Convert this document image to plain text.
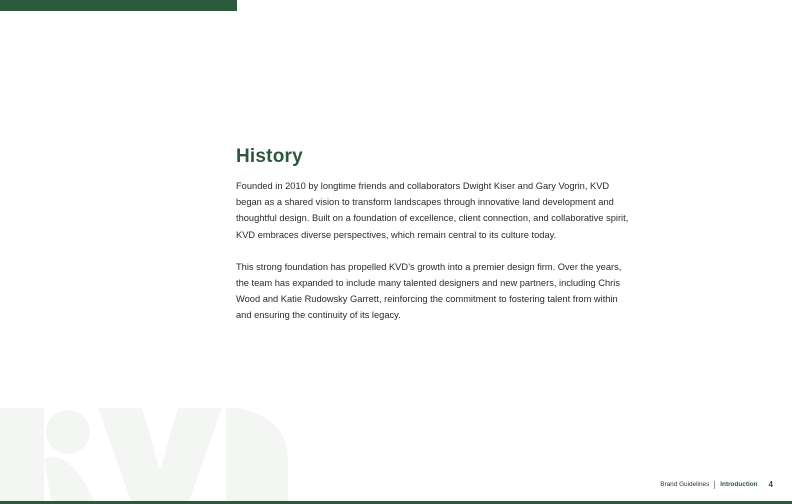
History

Founded in 2010 by longtime friends and collaborators Dwight Kiser and Gary Vogrin, KVD began as a shared vision to transform landscapes through innovative land development and thoughtful design. Built on a foundation of excellence, client connection, and collaborative spirit, KVD embraces diverse perspectives, which remain central to its culture today.

This strong foundation has propelled KVD’s growth into a premier design firm. Over the years, the team has expanded to include many talented designers and new partners, including Chris Wood and Katie Rudowsky Garrett, reinforcing the commitment to fostering talent from within and ensuring the continuity of its legacy.

Brand Guidelines Introduction 4
